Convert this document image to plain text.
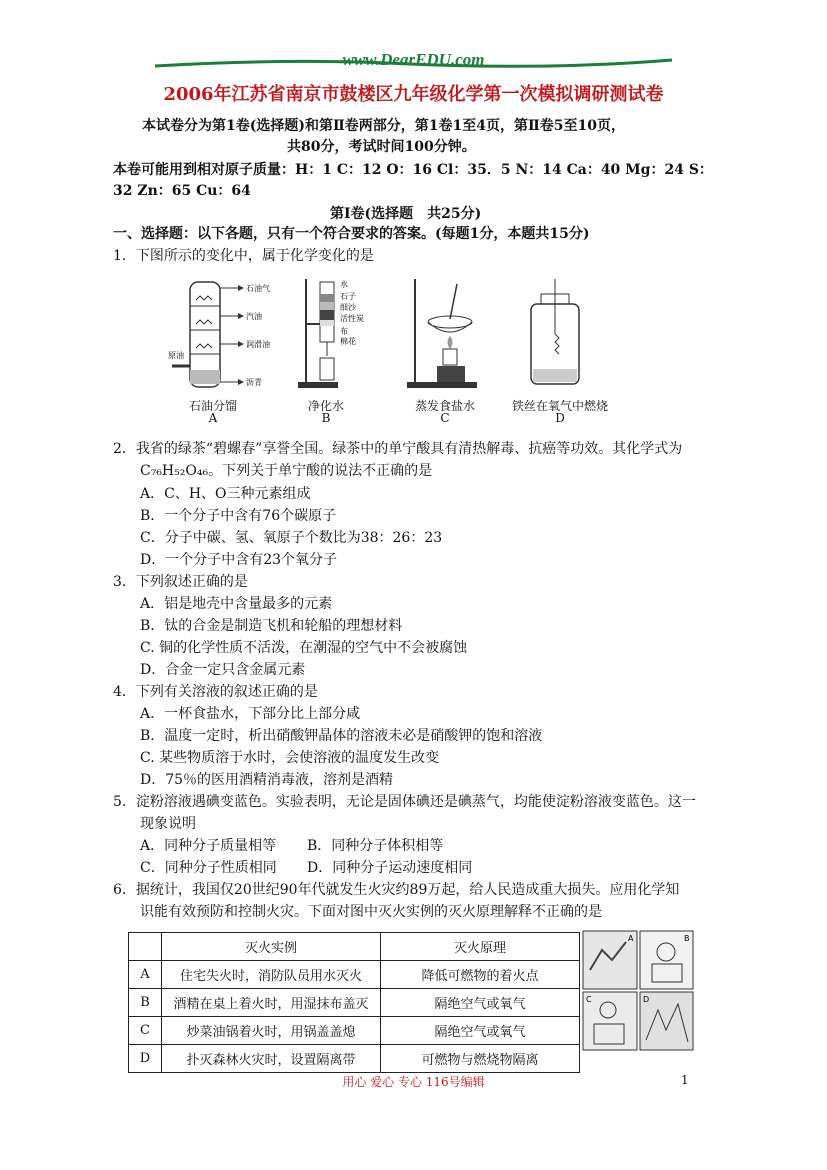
www.DearEDU.com
2006年江苏省南京市鼓楼区九年级化学第一次模拟调研测试卷
本试卷分为第1卷(选择题)和第Ⅱ卷两部分，第1卷1至4页，第Ⅱ卷5至10页，
共80分，考试时间100分钟。
本卷可能用到相对原子质量：H：1 C：12 O：16 Cl：35．5 N：14 Ca：40 Mg：24 S：
32 Zn：65 Cu：64
第Ⅰ卷(选择题　共25分)
一、选择题：以下各题，只有一个符合要求的答案。(每题1分，本题共15分)
1．下图所示的变化中，属于化学变化的是
石油气
汽油
润滑油
原油
沥青
石油分馏
A
水
石子
细沙
活性炭
布
棉花
净化水
B
蒸发食盐水
C
铁丝在氧气中燃烧
D
2．我省的绿茶“碧螺春”享誉全国。绿茶中的单宁酸具有清热解毒、抗癌等功效。其化学式为
C₇₆H₅₂O₄₆。下列关于单宁酸的说法不正确的是
A．C、H、O三种元素组成
B．一个分子中含有76个碳原子
C．分子中碳、氢、氧原子个数比为38：26：23
D．一个分子中含有23个氧分子
3．下列叙述正确的是
A．铝是地壳中含量最多的元素
B．钛的合金是制造飞机和轮船的理想材料
C. 铜的化学性质不活泼，在潮湿的空气中不会被腐蚀
D．合金一定只含金属元素
4．下列有关溶液的叙述正确的是
A．一杯食盐水，下部分比上部分咸
B．温度一定时，析出硝酸钾晶体的溶液未必是硝酸钾的饱和溶液
C. 某些物质溶于水时，会使溶液的温度发生改变
D．75％的医用酒精消毒液，溶剂是酒精
5．淀粉溶液遇碘变蓝色。实验表明，无论是固体碘还是碘蒸气，均能使淀粉溶液变蓝色。这一
现象说明
A．同种分子质量相等 B．同种分子体积相等
C．同种分子性质相同 D．同种分子运动速度相同
6．据统计，我国仅20世纪90年代就发生火灾约89万起，给人民造成重大损失。应用化学知
识能有效预防和控制火灾。下面对图中灭火实例的灭火原理解释不正确的是
	灭火实例	灭火原理
A	住宅失火时，消防队员用水灭火	降低可燃物的着火点
B	酒精在桌上着火时，用湿抹布盖灭	隔绝空气或氧气
C	炒菜油锅着火时，用锅盖盖熄	隔绝空气或氧气
D	扑灭森林火灾时，设置隔离带	可燃物与燃烧物隔离
A	B
C	D
用心 爱心 专心 116号编辑	1
